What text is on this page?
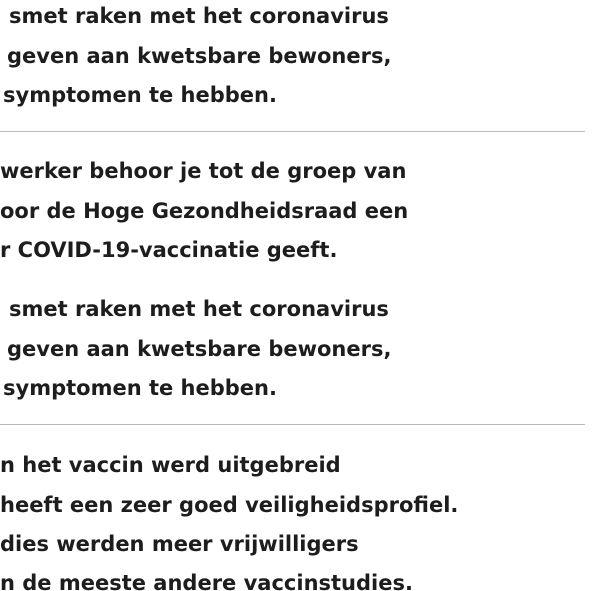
smet raken met het coronavirus
geven aan kwetsbare bewoners,
symptomen te hebben.
werker behoor je tot de groep van
oor de Hoge Gezondheidsraad een
r COVID-19-vaccinatie geeft.
smet raken met het coronavirus
geven aan kwetsbare bewoners,
symptomen te hebben.
n het vaccin werd uitgebreid
heeft een zeer goed veiligheidsprofiel.
dies werden meer vrijwilligers
n de meeste andere vaccinstudies.
